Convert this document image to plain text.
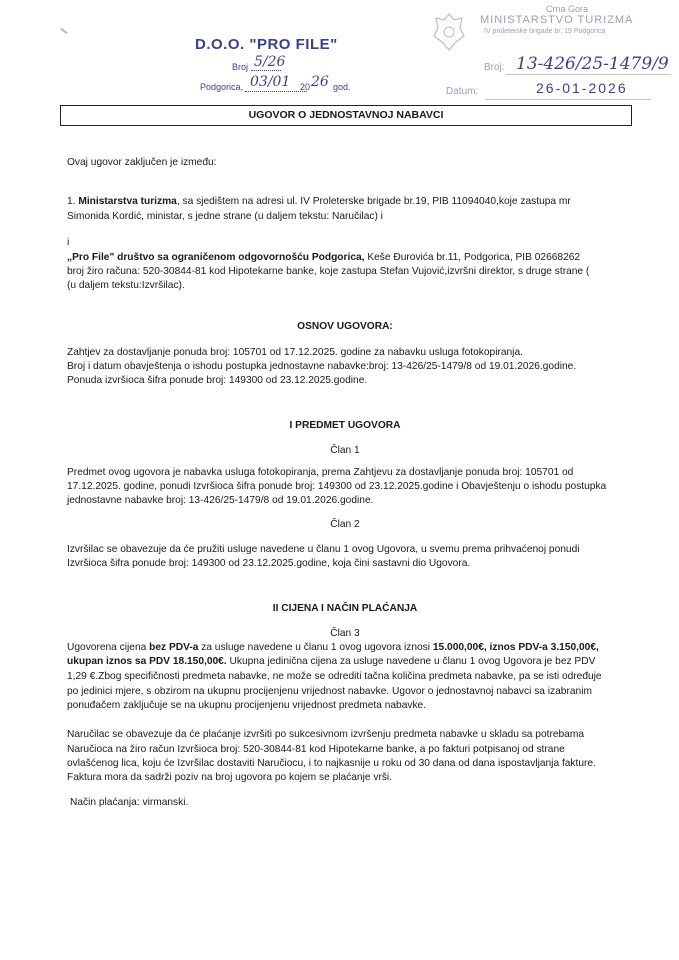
D.O.O. "PRO FILE"
Broj 5/26
Podgorica, 03/01 20 26 god.
Crna Gora
MINISTARSTVO TURIZMA
IV proleterske brigade br. 19 Podgorica
Broj: 13-426/25-1479/9
Datum:	26-01-2026
UGOVOR O JEDNOSTAVNOJ NABAVCI
Ovaj ugovor zaključen je između:
1. Ministarstva turizma, sa sjedištem na adresi ul. IV Proleterske brigade br.19, PIB 11094040,koje zastupa mr
Simonida Kordić, ministar, s jedne strane (u daljem tekstu: Naručilac) i
i
„Pro File" društvo sa ograničenom odgovornošću Podgorica, Keše Đurovića br.11, Podgorica, PIB 02668262
broj žiro računa: 520-30844-81 kod Hipotekarne banke, koje zastupa Stefan Vujović,izvršni direktor, s druge strane (
(u daljem tekstu:Izvršilac).
OSNOV UGOVORA:
Zahtjev za dostavljanje ponuda broj: 105701 od 17.12.2025. godine za nabavku usluga fotokopiranja.
Broj i datum obavještenja o ishodu postupka jednostavne nabavke:broj: 13-426/25-1479/8 od 19.01.2026.godine.
Ponuda izvršioca šifra ponude broj: 149300 od 23.12.2025.godine.
I PREDMET UGOVORA
Član 1
Predmet ovog ugovora je nabavka usluga fotokopiranja, prema Zahtjevu za dostavljanje ponuda broj: 105701 od
17.12.2025. godine, ponudi Izvršioca šifra ponude broj: 149300 od 23.12.2025.godine i Obavještenju o ishodu postupka
jednostavne nabavke broj: 13-426/25-1479/8 od 19.01.2026.godine.
Član 2
Izvršilac se obavezuje da će pružiti usluge navedene u članu 1 ovog Ugovora, u svemu prema prihvaćenoj ponudi
Izvršioca šifra ponude broj: 149300 od 23.12.2025.godine, koja čini sastavni dio Ugovora.
II CIJENA I NAČIN PLAĆANJA
Član 3
Ugovorena cijena bez PDV-a za usluge navedene u članu 1 ovog ugovora iznosi 15.000,00€, iznos PDV-a 3.150,00€,
ukupan iznos sa PDV 18.150,00€. Ukupna jedinična cijena za usluge navedene u članu 1 ovog Ugovora je bez PDV
1,29 €.Zbog specifičnosti predmeta nabavke, ne može se odrediti tačna količina predmeta nabavke, pa se isti određuje
po jedinici mjere, s obzirom na ukupnu procijenjenu vrijednost nabavke. Ugovor o jednostavnoj nabavci sa izabranim
ponuđačem zaključuje se na ukupnu procijenjenu vrijednost predmeta nabavke.
Naručilac se obavezuje da će plaćanje izvršiti po sukcesivnom izvršenju predmeta nabavke u skladu sa potrebama
Naručioca na žiro račun Izvršioca broj: 520-30844-81 kod Hipotekarne banke, a po fakturi potpisanoj od strane
ovlašćenog lica, koju će Izvršilac dostaviti Naručiocu, i to najkasnije u roku od 30 dana od dana ispostavljanja fakture.
Faktura mora da sadrži poziv na broj ugovora po kojem se plaćanje vrši.
Način plaćanja: virmanski.
